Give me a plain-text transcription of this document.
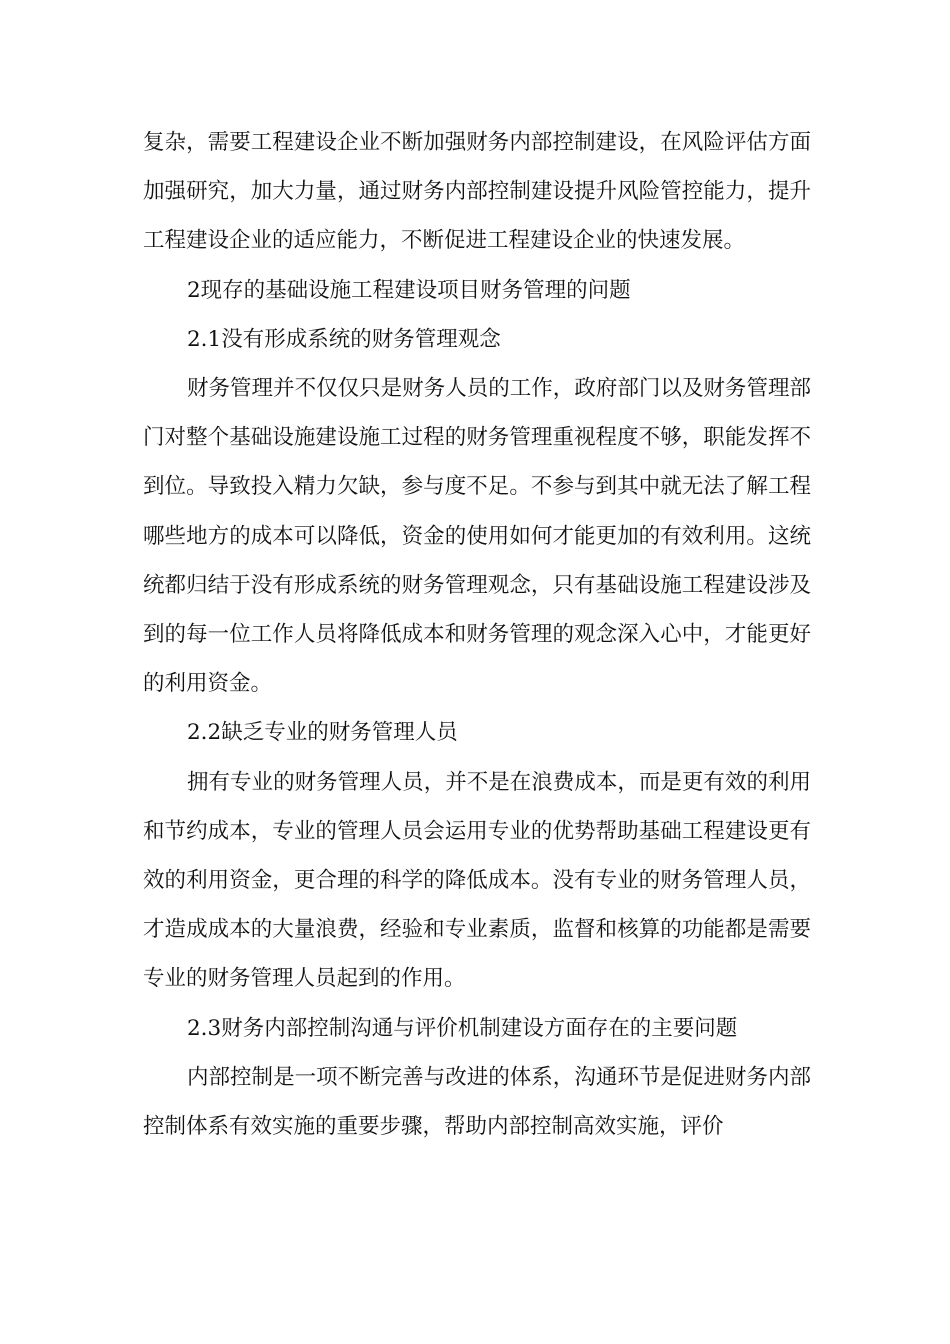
复杂，需要工程建设企业不断加强财务内部控制建设，在风险评估方面加强研究，加大力量，通过财务内部控制建设提升风险管控能力，提升工程建设企业的适应能力，不断促进工程建设企业的快速发展。

2现存的基础设施工程建设项目财务管理的问题

2.1没有形成系统的财务管理观念

财务管理并不仅仅只是财务人员的工作，政府部门以及财务管理部门对整个基础设施建设施工过程的财务管理重视程度不够，职能发挥不到位。导致投入精力欠缺，参与度不足。不参与到其中就无法了解工程哪些地方的成本可以降低，资金的使用如何才能更加的有效利用。这统统都归结于没有形成系统的财务管理观念，只有基础设施工程建设涉及到的每一位工作人员将降低成本和财务管理的观念深入心中，才能更好的利用资金。

2.2缺乏专业的财务管理人员

拥有专业的财务管理人员，并不是在浪费成本，而是更有效的利用和节约成本，专业的管理人员会运用专业的优势帮助基础工程建设更有效的利用资金，更合理的科学的降低成本。没有专业的财务管理人员，才造成成本的大量浪费，经验和专业素质，监督和核算的功能都是需要专业的财务管理人员起到的作用。

2.3财务内部控制沟通与评价机制建设方面存在的主要问题

内部控制是一项不断完善与改进的体系，沟通环节是促进财务内部控制体系有效实施的重要步骤，帮助内部控制高效实施，评价
